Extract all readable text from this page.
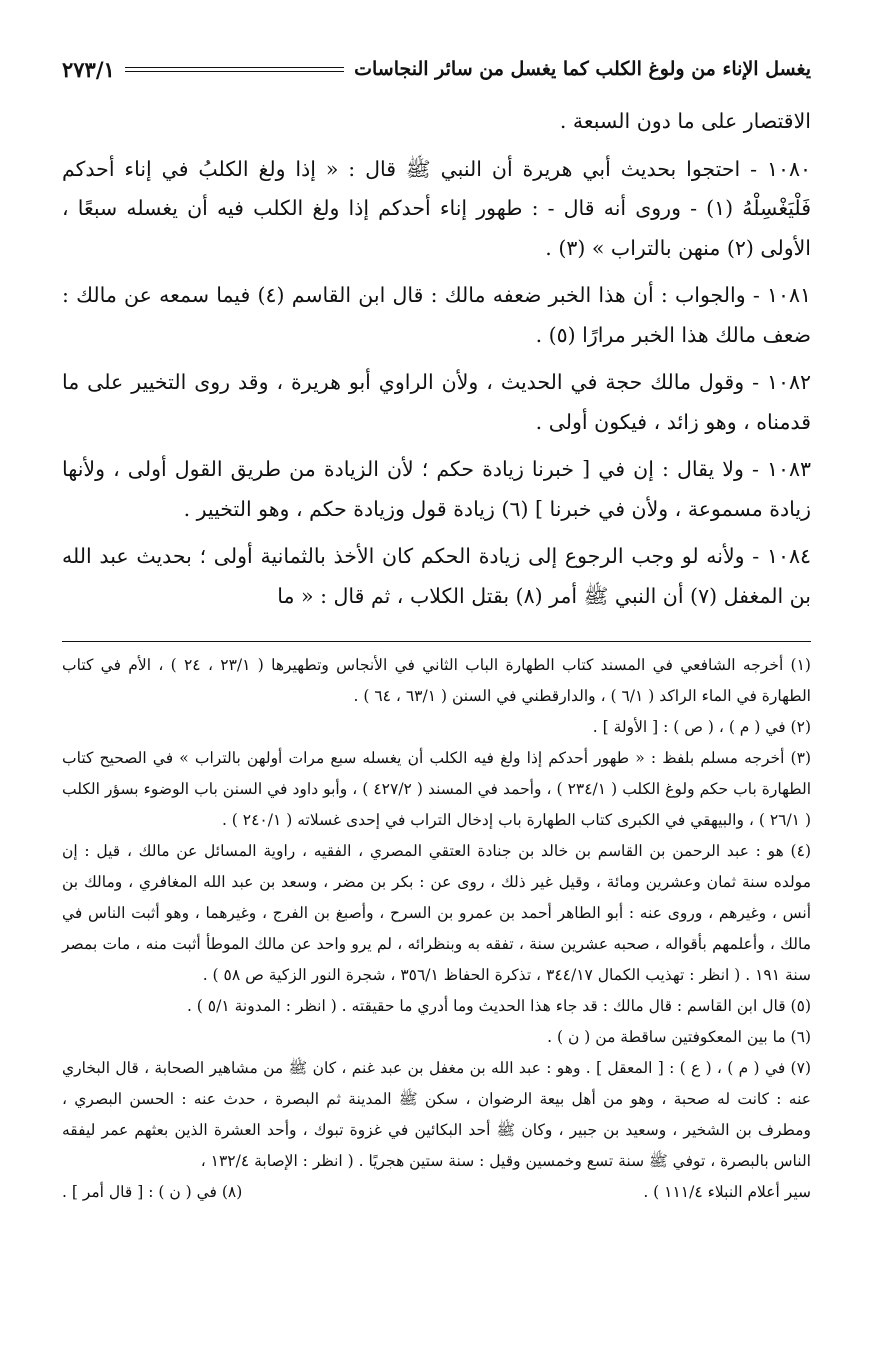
يغسل الإناء من ولوغ الكلب كما يغسل من سائر النجاسات
٢٧٣/١

الاقتصار على ما دون السبعة .

١٠٨٠ - احتجوا بحديث أبي هريرة أن النبي ﷺ قال : « إذا ولغ الكلبُ في إناء أحدكم فَلْيَغْسِلْهُ (١) - وروى أنه قال - : طهور إناء أحدكم إذا ولغ الكلب فيه أن يغسله سبعًا ، الأولى (٢) منهن بالتراب » (٣) .

١٠٨١ - والجواب : أن هذا الخبر ضعفه مالك : قال ابن القاسم (٤) فيما سمعه عن مالك : ضعف مالك هذا الخبر مرارًا (٥) .

١٠٨٢ - وقول مالك حجة في الحديث ، ولأن الراوي أبو هريرة ، وقد روى التخيير على ما قدمناه ، وهو زائد ، فيكون أولى .

١٠٨٣ - ولا يقال : إن في [ خبرنا زيادة حكم ؛ لأن الزيادة من طريق القول أولى ، ولأنها زيادة مسموعة ، ولأن في خبرنا ] (٦) زيادة قول وزيادة حكم ، وهو التخيير .

١٠٨٤ - ولأنه لو وجب الرجوع إلى زيادة الحكم كان الأخذ بالثمانية أولى ؛ بحديث عبد الله بن المغفل (٧) أن النبي ﷺ أمر (٨) بقتل الكلاب ، ثم قال : « ما

(١) أخرجه الشافعي في المسند كتاب الطهارة الباب الثاني في الأنجاس وتطهيرها ( ٢٣/١ ، ٢٤ ) ، الأم في كتاب الطهارة في الماء الراكد ( ٦/١ ) ، والدارقطني في السنن ( ٦٣/١ ، ٦٤ ) .

(٢) في ( م ) ، ( ص ) : [ الأولة ] .

(٣) أخرجه مسلم بلفظ : « طهور أحدكم إذا ولغ فيه الكلب أن يغسله سبع مرات أولهن بالتراب » في الصحيح كتاب الطهارة باب حكم ولوغ الكلب ( ٢٣٤/١ ) ، وأحمد في المسند ( ٤٢٧/٢ ) ، وأبو داود في السنن باب الوضوء بسؤر الكلب ( ٢٦/١ ) ، والبيهقي في الكبرى كتاب الطهارة باب إدخال التراب في إحدى غسلاته ( ٢٤٠/١ ) .

(٤) هو : عبد الرحمن بن القاسم بن خالد بن جنادة العتقي المصري ، الفقيه ، راوية المسائل عن مالك ، قيل : إن مولده سنة ثمان وعشرين ومائة ، وقيل غير ذلك ، روى عن : بكر بن مضر ، وسعد بن عبد الله المغافري ، ومالك بن أنس ، وغيرهم ، وروى عنه : أبو الطاهر أحمد بن عمرو بن السرح ، وأصبغ بن الفرج ، وغيرهما ، وهو أثبت الناس في مالك ، وأعلمهم بأقواله ، صحبه عشرين سنة ، تفقه به وبنظرائه ، لم يرو واحد عن مالك الموطأ أثبت منه ، مات بمصر سنة ١٩١ . ( انظر : تهذيب الكمال ٣٤٤/١٧ ، تذكرة الحفاظ ٣٥٦/١ ، شجرة النور الزكية ص ٥٨ ) .

(٥) قال ابن القاسم : قال مالك : قد جاء هذا الحديث وما أدري ما حقيقته . ( انظر : المدونة ٥/١ ) .

(٦) ما بين المعكوفتين ساقطة من ( ن ) .

(٧) في ( م ) ، ( ع ) : [ المعقل ] . وهو : عبد الله بن مغفل بن عبد غنم ، كان ﷺ من مشاهير الصحابة ، قال البخاري عنه : كانت له صحبة ، وهو من أهل بيعة الرضوان ، سكن ﷺ المدينة ثم البصرة ، حدث عنه : الحسن البصري ، ومطرف بن الشخير ، وسعيد بن جبير ، وكان ﷺ أحد البكائين في غزوة تبوك ، وأحد العشرة الذين بعثهم عمر ليفقه الناس بالبصرة ، توفي ﷺ سنة تسع وخمسين وقيل : سنة ستين هجريًا . ( انظر : الإصابة ١٣٢/٤ ،

سير أعلام النبلاء ١١١/٤ ) .
(٨) في ( ن ) : [ قال أمر ] .
